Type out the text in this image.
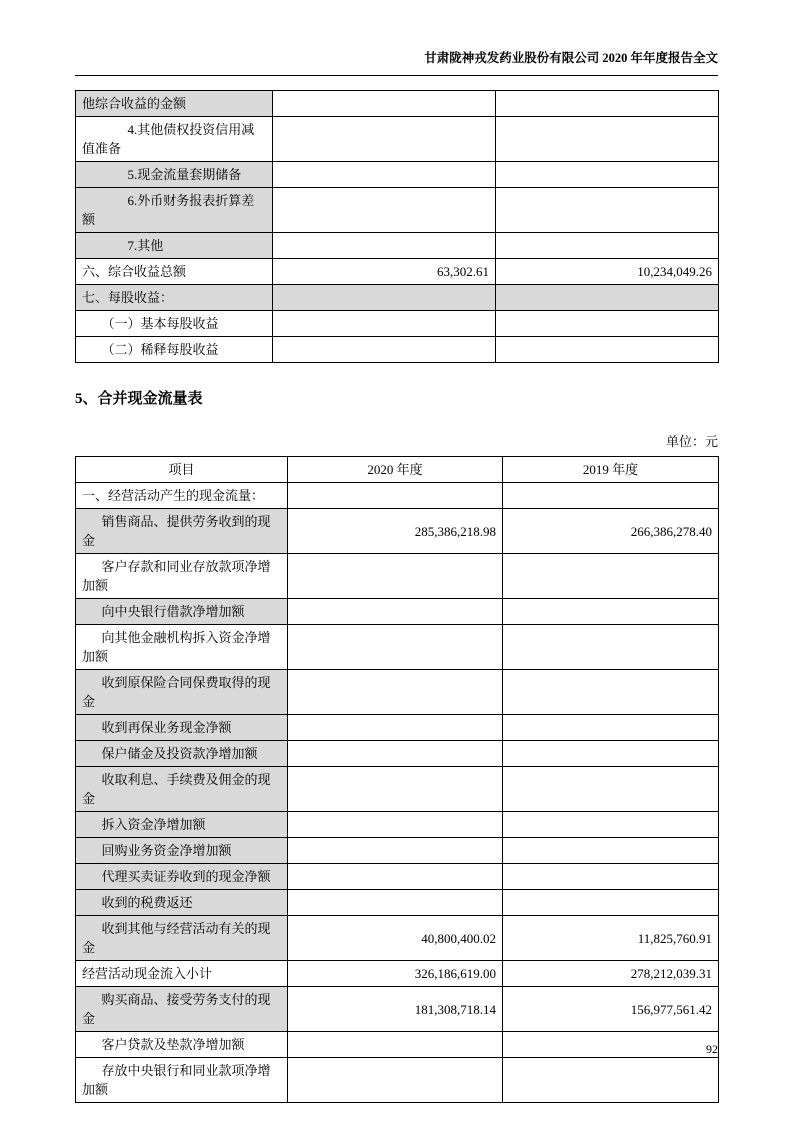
甘肃陇神戎发药业股份有限公司 2020 年年度报告全文
他综合收益的金额		
4.其他债权投资信用减值准备		
5.现金流量套期储备		
6.外币财务报表折算差额		
7.其他		
六、综合收益总额	63,302.61	10,234,049.26
七、每股收益：		
（一）基本每股收益		
（二）稀释每股收益		
5、合并现金流量表
单位：元
项目	2020 年度	2019 年度
一、经营活动产生的现金流量：		
销售商品、提供劳务收到的现金	285,386,218.98	266,386,278.40
客户存款和同业存放款项净增加额		
向中央银行借款净增加额		
向其他金融机构拆入资金净增加额		
收到原保险合同保费取得的现金		
收到再保业务现金净额		
保户储金及投资款净增加额		
收取利息、手续费及佣金的现金		
拆入资金净增加额		
回购业务资金净增加额		
代理买卖证券收到的现金净额		
收到的税费返还		
收到其他与经营活动有关的现金	40,800,400.02	11,825,760.91
经营活动现金流入小计	326,186,619.00	278,212,039.31
购买商品、接受劳务支付的现金	181,308,718.14	156,977,561.42
客户贷款及垫款净增加额		
存放中央银行和同业款项净增加额		
92
